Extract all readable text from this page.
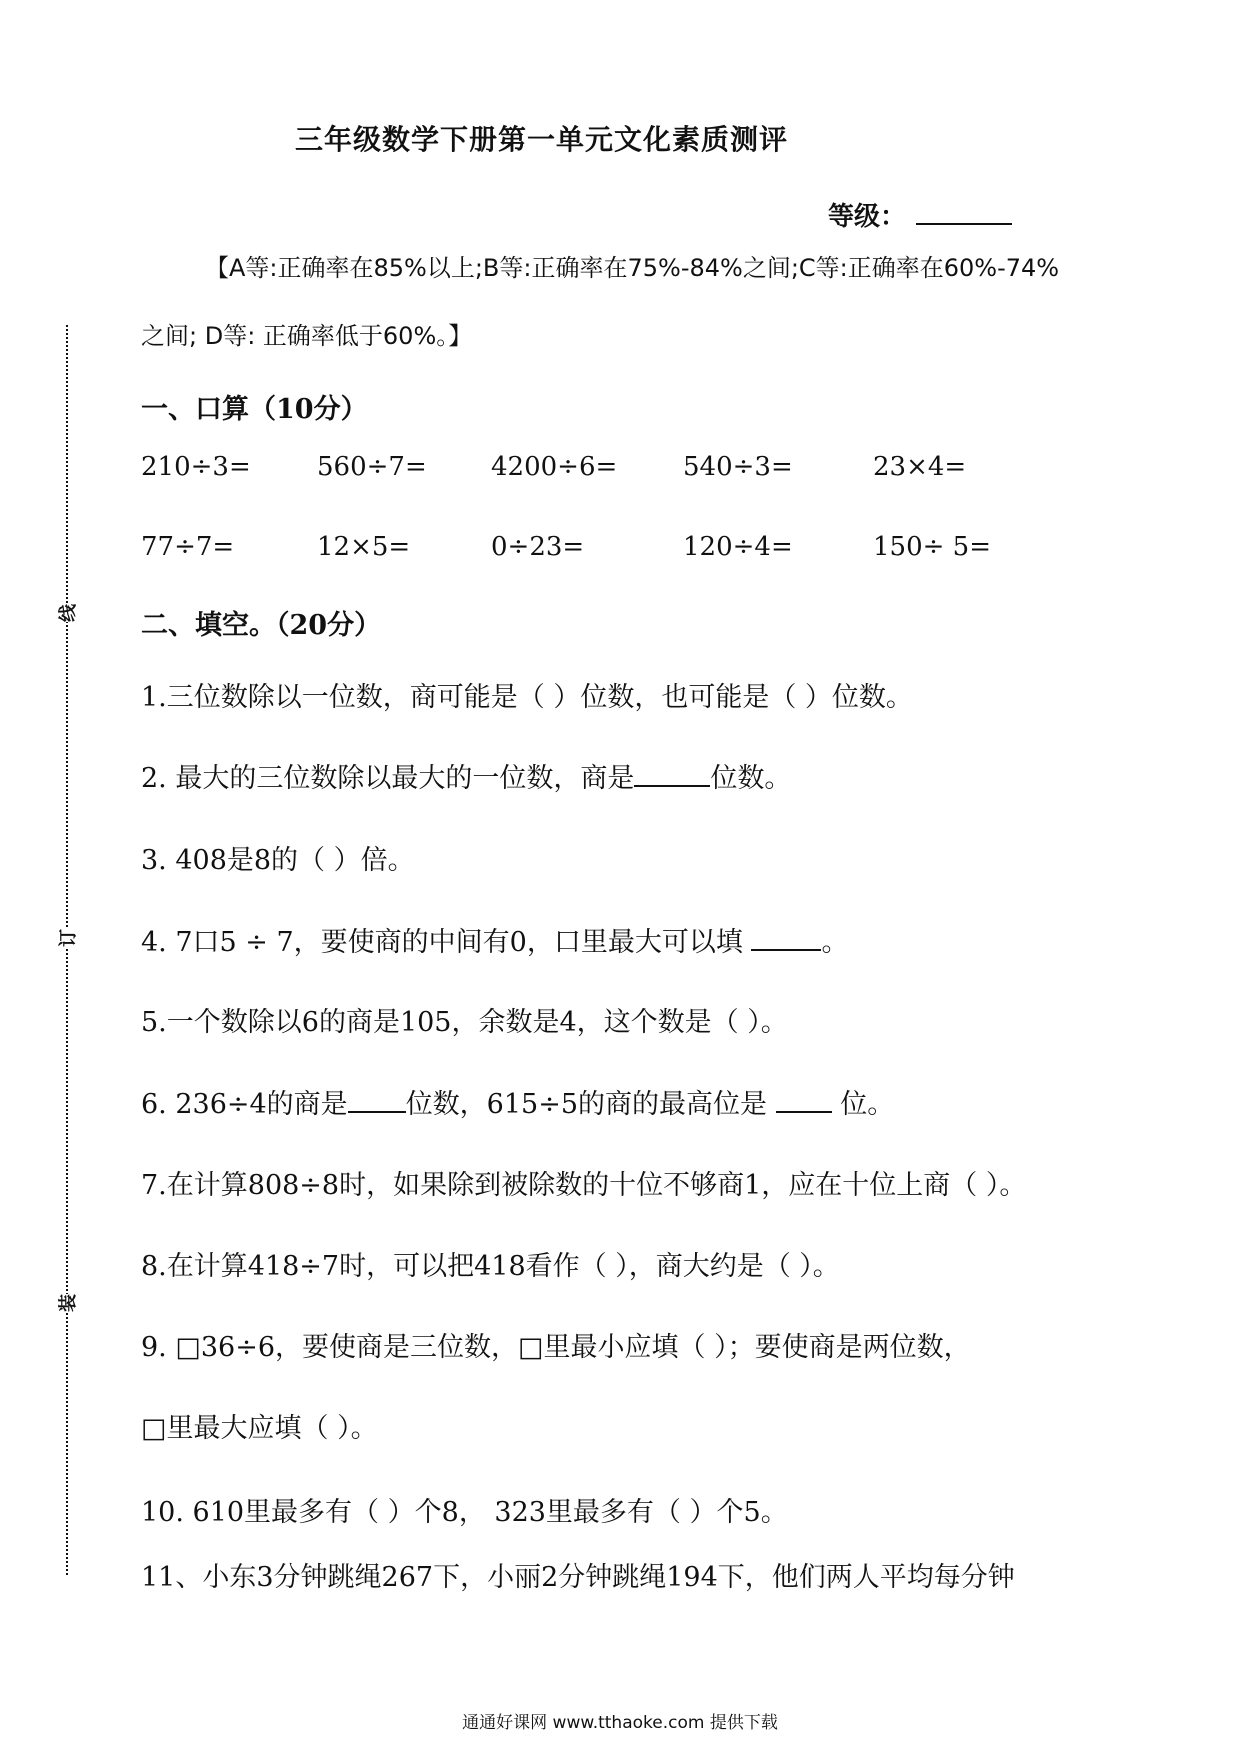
线
订
装
三年级数学下册第一单元文化素质测评
等级：
【A等:正确率在85%以上;B等:正确率在75%-84%之间;C等:正确率在60%-74%
之间; D等: 正确率低于60%。】
一、口算（10分）
210÷3=	560÷7= 4200÷6=	540÷3=	23×4=
77÷7=	12×5=	0÷23=	120÷4=	150÷ 5=
二、填空。（20分）
1.三位数除以一位数，商可能是（ ）位数，也可能是（ ）位数。
2. 最大的三位数除以最大的一位数，商是	位数。
3. 408是8的（ ）倍。
4. 7口5 ÷ 7，要使商的中间有0，口里最大可以填	。
5.一个数除以6的商是105，余数是4，这个数是（ ）。
6. 236÷4的商是 位数，615÷5的商的最高位是	位。
7.在计算808÷8时，如果除到被除数的十位不够商1，应在十位上商（ ）。
8.在计算418÷7时，可以把418看作（ ），商大约是（ ）。
9. □36÷6，要使商是三位数，□里最小应填（ ）；要使商是两位数，
□里最大应填（ ）。
10. 610里最多有（ ）个8， 323里最多有（ ）个5。
11、小东3分钟跳绳267下，小丽2分钟跳绳194下，他们两人平均每分钟
通通好课网 www.tthaoke.com 提供下载
